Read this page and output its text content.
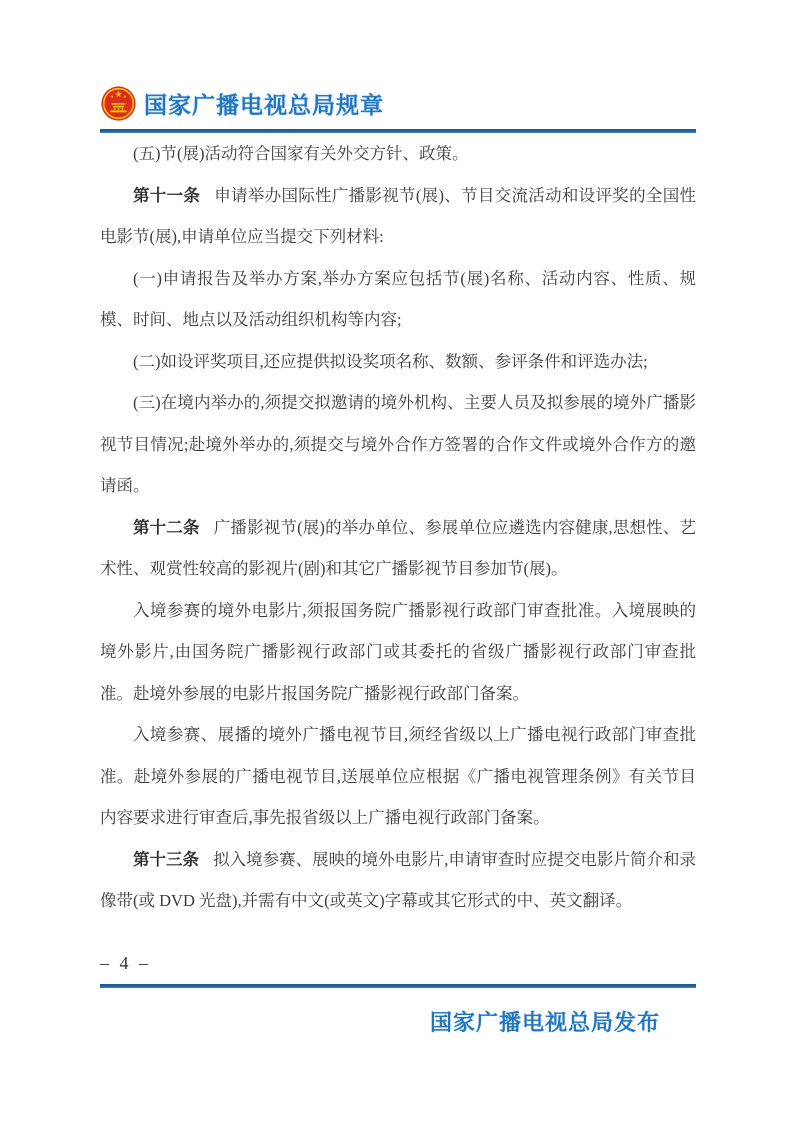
国家广播电视总局规章

(五)节(展)活动符合国家有关外交方针、政策。

第十一条 申请举办国际性广播影视节(展)、节目交流活动和设评奖的全国性电影节(展),申请单位应当提交下列材料:

(一)申请报告及举办方案,举办方案应包括节(展)名称、活动内容、性质、规模、时间、地点以及活动组织机构等内容;

(二)如设评奖项目,还应提供拟设奖项名称、数额、参评条件和评选办法;

(三)在境内举办的,须提交拟邀请的境外机构、主要人员及拟参展的境外广播影视节目情况;赴境外举办的,须提交与境外合作方签署的合作文件或境外合作方的邀请函。

第十二条 广播影视节(展)的举办单位、参展单位应遴选内容健康,思想性、艺术性、观赏性较高的影视片(剧)和其它广播影视节目参加节(展)。

入境参赛的境外电影片,须报国务院广播影视行政部门审查批准。入境展映的境外影片,由国务院广播影视行政部门或其委托的省级广播影视行政部门审查批准。赴境外参展的电影片报国务院广播影视行政部门备案。

入境参赛、展播的境外广播电视节目,须经省级以上广播电视行政部门审查批准。赴境外参展的广播电视节目,送展单位应根据《广播电视管理条例》有关节目内容要求进行审查后,事先报省级以上广播电视行政部门备案。

第十三条 拟入境参赛、展映的境外电影片,申请审查时应提交电影片简介和录像带(或 DVD 光盘),并需有中文(或英文)字幕或其它形式的中、英文翻译。

– 4 –
国家广播电视总局发布
